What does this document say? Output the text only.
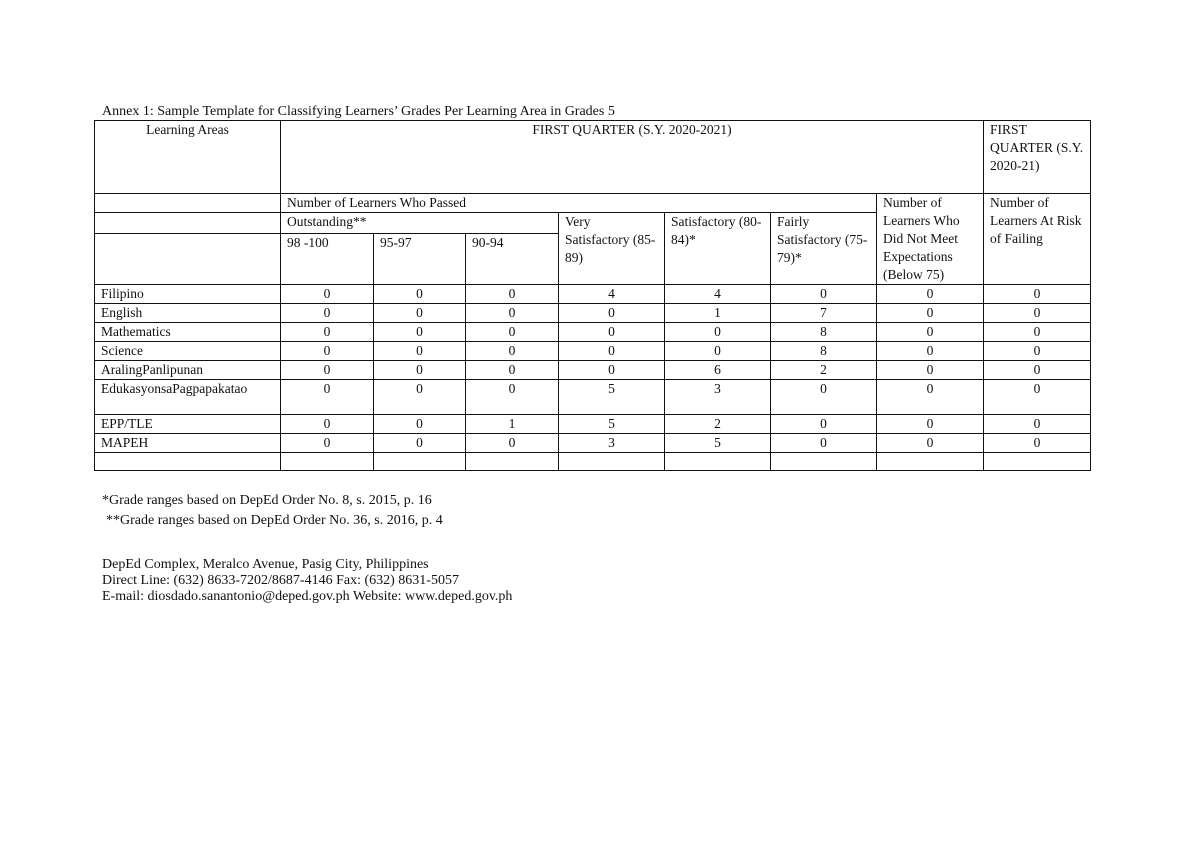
Annex 1: Sample Template for Classifying Learners’ Grades Per Learning Area in Grades 5

Learning Areas	FIRST QUARTER (S.Y. 2020-2021)							FIRST QUARTER (S.Y. 2020-21)
	Number of Learners Who Passed						Number of Learners Who Did Not Meet Expectations (Below 75)	Number of Learners At Risk of Failing
	Outstanding**			Very Satisfactory (85-89)	Satisfactory (80-84)*	Fairly Satisfactory (75-79)*		
	98 -100	95-97	90-94					
Filipino	0	0	0	4	4	0	0	0
English	0	0	0	0	1	7	0	0
Mathematics	0	0	0	0	0	8	0	0
Science	0	0	0	0	0	8	0	0
AralingPanlipunan	0	0	0	0	6	2	0	0
EdukasyonsaPagpapakatao	0	0	0	5	3	0	0	0
EPP/TLE	0	0	1	5	2	0	0	0
MAPEH	0	0	0	3	5	0	0	0

*Grade ranges based on DepEd Order No. 8, s. 2015, p. 16
**Grade ranges based on DepEd Order No. 36, s. 2016, p. 4
DepEd Complex, Meralco Avenue, Pasig City, Philippines
Direct Line: (632) 8633-7202/8687-4146 Fax: (632) 8631-5057
E-mail: diosdado.sanantonio@deped.gov.ph Website: www.deped.gov.ph
